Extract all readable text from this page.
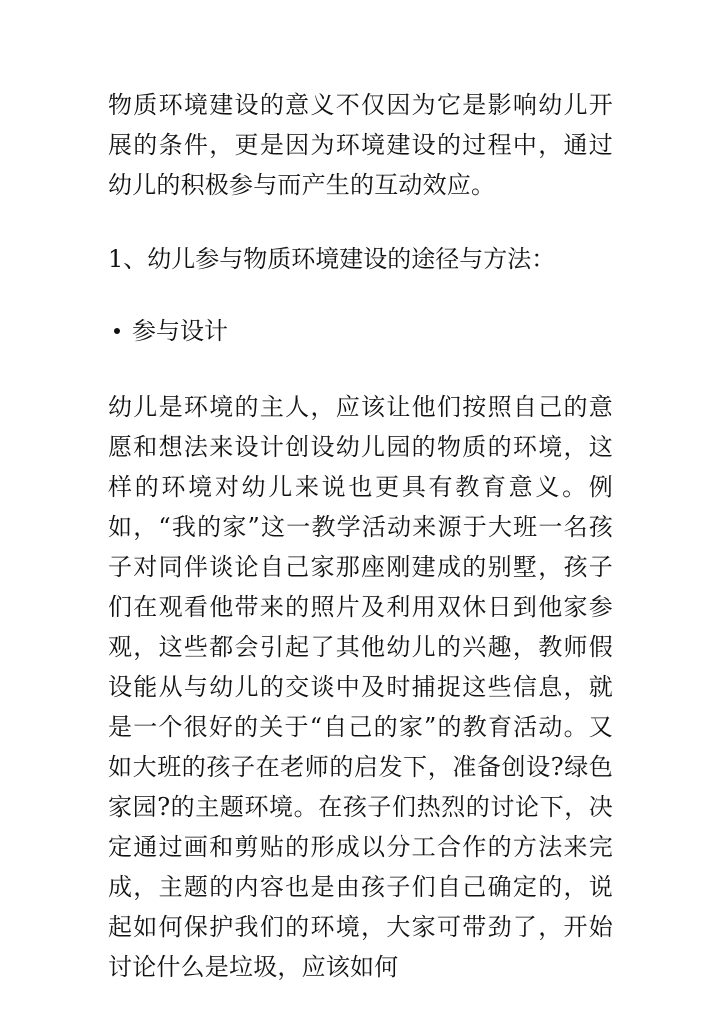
物质环境建设的意义不仅因为它是影响幼儿开展的条件，更是因为环境建设的过程中，通过幼儿的积极参与而产生的互动效应。

1、幼儿参与物质环境建设的途径与方法：

参与设计

幼儿是环境的主人，应该让他们按照自己的意愿和想法来设计创设幼儿园的物质的环境，这样的环境对幼儿来说也更具有教育意义。例如，“我的家”这一教学活动来源于大班一名孩子对同伴谈论自己家那座刚建成的别墅，孩子们在观看他带来的照片及利用双休日到他家参观，这些都会引起了其他幼儿的兴趣，教师假设能从与幼儿的交谈中及时捕捉这些信息，就是一个很好的关于“自己的家”的教育活动。又如大班的孩子在老师的启发下，准备创设?绿色家园?的主题环境。在孩子们热烈的讨论下，决定通过画和剪贴的形成以分工合作的方法来完成，主题的内容也是由孩子们自己确定的，说起如何保护我们的环境，大家可带劲了，开始讨论什么是垃圾，应该如何
